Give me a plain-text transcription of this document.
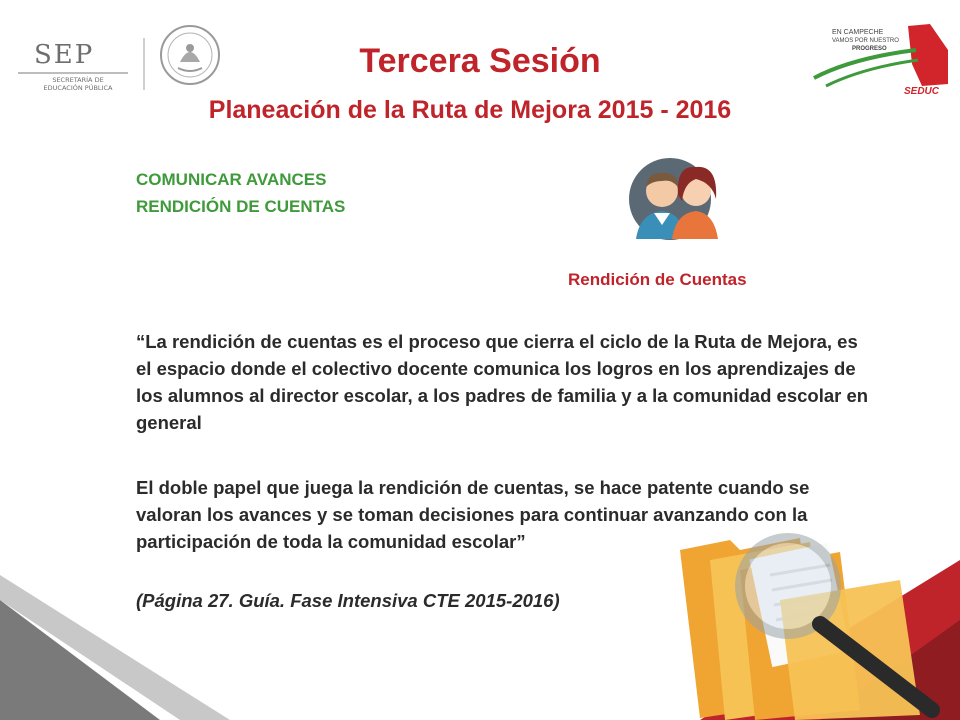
SEP
SECRETARÍA DE
EDUCACIÓN PÚBLICA
EN CAMPECHE
VAMOS POR NUESTRO
PROGRESO
SEDUC
Tercera Sesión
Planeación de la Ruta de Mejora 2015 - 2016
COMUNICAR AVANCES
RENDICIÓN DE CUENTAS
Rendición de Cuentas
“La rendición de cuentas es el proceso que cierra el ciclo de la Ruta de Mejora, es el espacio donde el colectivo docente comunica los logros en los aprendizajes de los alumnos al director escolar, a los padres de familia y a la comunidad escolar en general
El doble papel que juega la rendición de cuentas, se hace patente cuando se valoran los avances y se toman decisiones para continuar avanzando con la participación de toda la comunidad escolar”
(Página 27. Guía. Fase Intensiva CTE 2015-2016)
